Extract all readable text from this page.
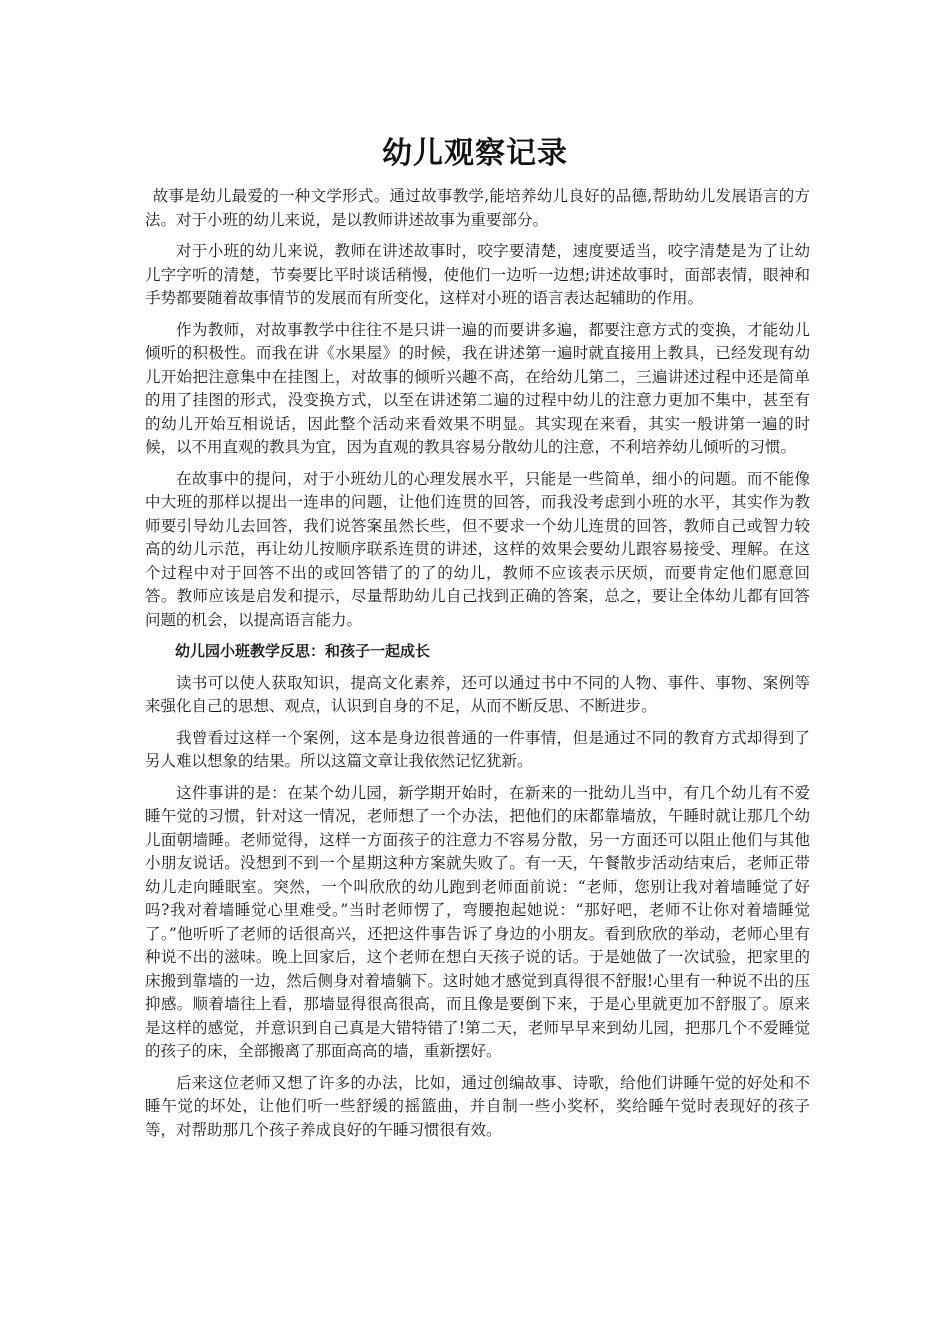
幼儿观察记录

故事是幼儿最爱的一种文学形式。通过故事教学,能培养幼儿良好的品德,帮助幼儿发展语言的方法。对于小班的幼儿来说，是以教师讲述故事为重要部分。

对于小班的幼儿来说，教师在讲述故事时，咬字要清楚，速度要适当，咬字清楚是为了让幼儿字字听的清楚，节奏要比平时谈话稍慢，使他们一边听一边想;讲述故事时，面部表情，眼神和手势都要随着故事情节的发展而有所变化，这样对小班的语言表达起辅助的作用。

作为教师，对故事教学中往往不是只讲一遍的而要讲多遍，都要注意方式的变换，才能幼儿倾听的积极性。而我在讲《水果屋》的时候，我在讲述第一遍时就直接用上教具，已经发现有幼儿开始把注意集中在挂图上，对故事的倾听兴趣不高，在给幼儿第二，三遍讲述过程中还是简单的用了挂图的形式，没变换方式，以至在讲述第二遍的过程中幼儿的注意力更加不集中，甚至有的幼儿开始互相说话，因此整个活动来看效果不明显。其实现在来看，其实一般讲第一遍的时候，以不用直观的教具为宜，因为直观的教具容易分散幼儿的注意，不利培养幼儿倾听的习惯。

在故事中的提问，对于小班幼儿的心理发展水平，只能是一些简单，细小的问题。而不能像中大班的那样以提出一连串的问题，让他们连贯的回答，而我没考虑到小班的水平，其实作为教师要引导幼儿去回答，我们说答案虽然长些，但不要求一个幼儿连贯的回答，教师自己或智力较高的幼儿示范，再让幼儿按顺序联系连贯的讲述，这样的效果会要幼儿跟容易接受、理解。在这个过程中对于回答不出的或回答错了的了的幼儿，教师不应该表示厌烦，而要肯定他们愿意回答。教师应该是启发和提示，尽量帮助幼儿自己找到正确的答案，总之，要让全体幼儿都有回答问题的机会，以提高语言能力。

幼儿园小班教学反思：和孩子一起成长

读书可以使人获取知识，提高文化素养，还可以通过书中不同的人物、事件、事物、案例等来强化自己的思想、观点，认识到自身的不足，从而不断反思、不断进步。

我曾看过这样一个案例，这本是身边很普通的一件事情，但是通过不同的教育方式却得到了另人难以想象的结果。所以这篇文章让我依然记忆犹新。

这件事讲的是：在某个幼儿园，新学期开始时，在新来的一批幼儿当中，有几个幼儿有不爱睡午觉的习惯，针对这一情况，老师想了一个办法，把他们的床都靠墙放，午睡时就让那几个幼儿面朝墙睡。老师觉得，这样一方面孩子的注意力不容易分散，另一方面还可以阻止他们与其他小朋友说话。没想到不到一个星期这种方案就失败了。有一天，午餐散步活动结束后，老师正带幼儿走向睡眠室。突然，一个叫欣欣的幼儿跑到老师面前说：“老师，您别让我对着墙睡觉了好吗?我对着墙睡觉心里难受。”当时老师愣了，弯腰抱起她说：“那好吧，老师不让你对着墙睡觉了。”他听听了老师的话很高兴，还把这件事告诉了身边的小朋友。看到欣欣的举动，老师心里有种说不出的滋味。晚上回家后，这个老师在想白天孩子说的话。于是她做了一次试验，把家里的床搬到靠墙的一边，然后侧身对着墙躺下。这时她才感觉到真得很不舒服!心里有一种说不出的压抑感。顺着墙往上看，那墙显得很高很高，而且像是要倒下来，于是心里就更加不舒服了。原来是这样的感觉，并意识到自己真是大错特错了!第二天，老师早早来到幼儿园，把那几个不爱睡觉的孩子的床，全部搬离了那面高高的墙，重新摆好。

后来这位老师又想了许多的办法，比如，通过创编故事、诗歌，给他们讲睡午觉的好处和不睡午觉的坏处，让他们听一些舒缓的摇篮曲，并自制一些小奖杯，奖给睡午觉时表现好的孩子等，对帮助那几个孩子养成良好的午睡习惯很有效。
